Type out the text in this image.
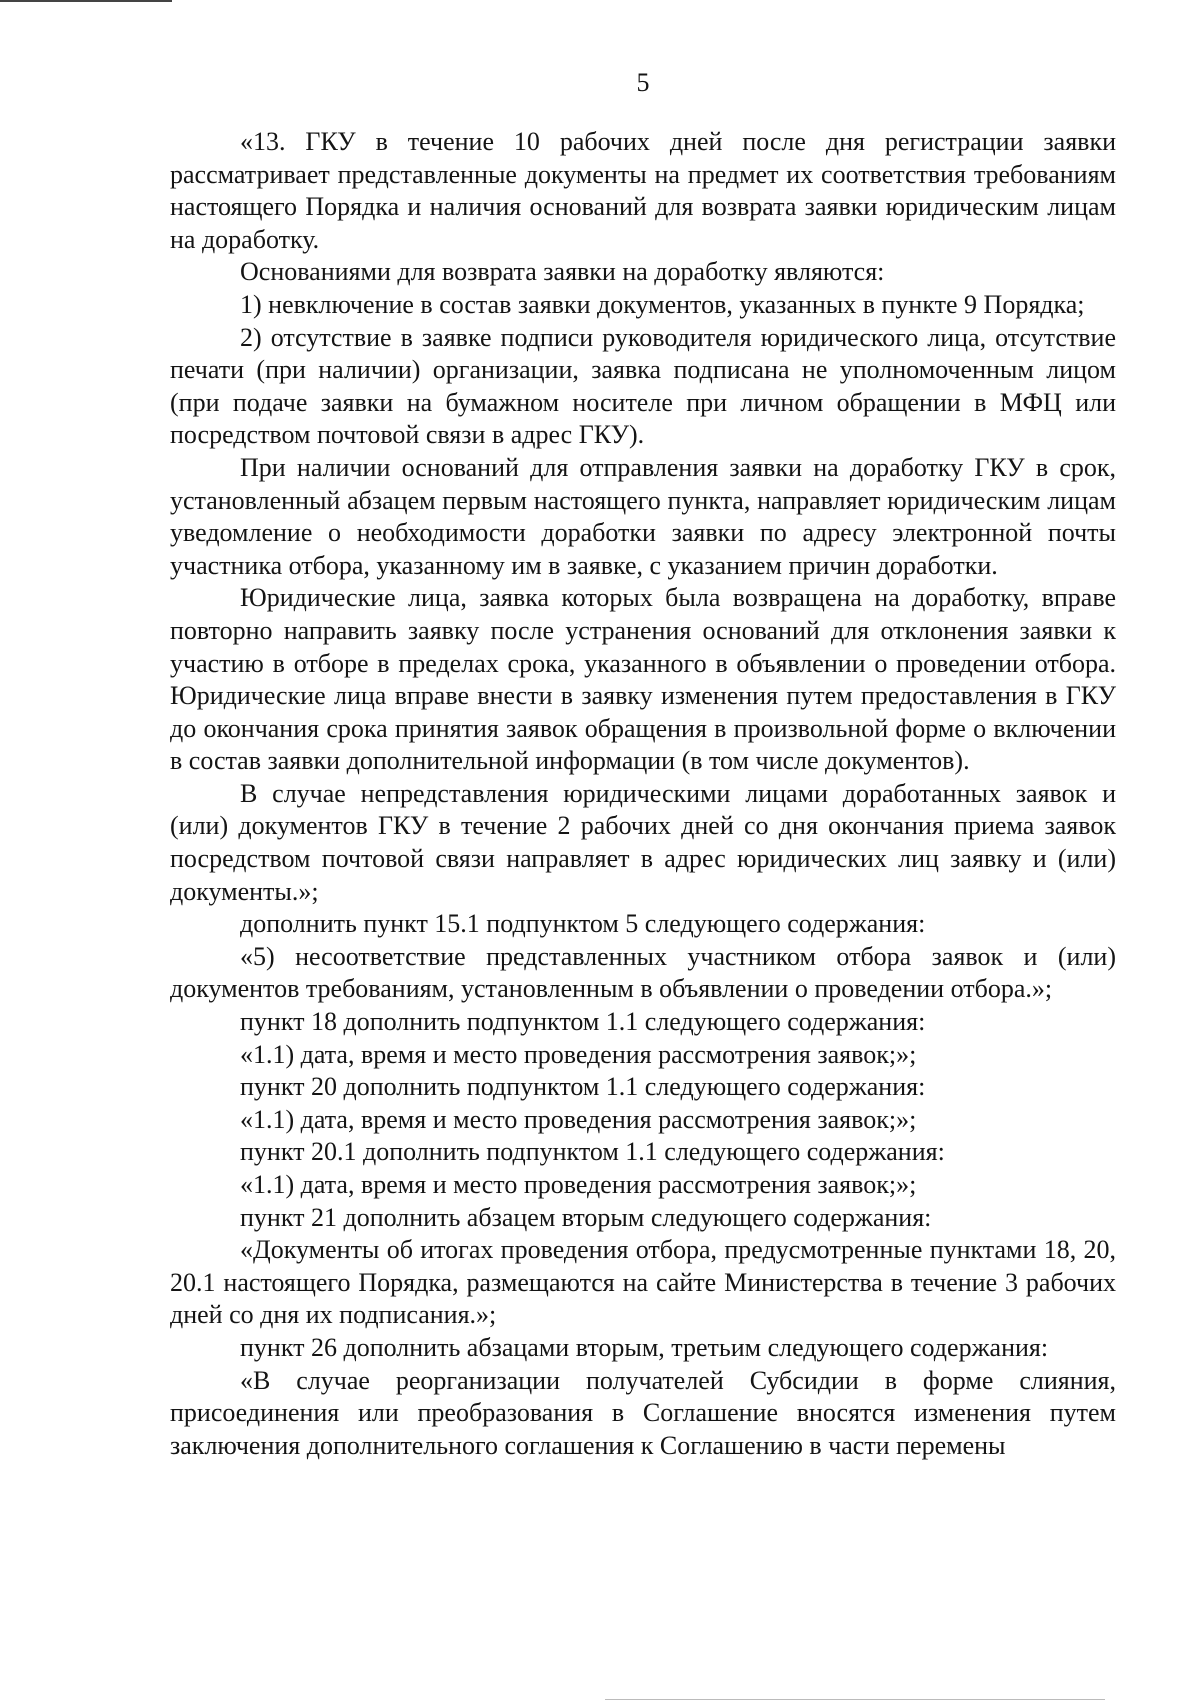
5

«13. ГКУ в течение 10 рабочих дней после дня регистрации заявки рассматривает представленные документы на предмет их соответствия требованиям настоящего Порядка и наличия оснований для возврата заявки юридическим лицам на доработку.

Основаниями для возврата заявки на доработку являются:

1) невключение в состав заявки документов, указанных в пункте 9 Порядка;

2) отсутствие в заявке подписи руководителя юридического лица, отсутствие печати (при наличии) организации, заявка подписана не уполномоченным лицом (при подаче заявки на бумажном носителе при личном обращении в МФЦ или посредством почтовой связи в адрес ГКУ).

При наличии оснований для отправления заявки на доработку ГКУ в срок, установленный абзацем первым настоящего пункта, направляет юридическим лицам уведомление о необходимости доработки заявки по адресу электронной почты участника отбора, указанному им в заявке, с указанием причин доработки.

Юридические лица, заявка которых была возвращена на доработку, вправе повторно направить заявку после устранения оснований для отклонения заявки к участию в отборе в пределах срока, указанного в объявлении о проведении отбора. Юридические лица вправе внести в заявку изменения путем предоставления в ГКУ до окончания срока принятия заявок обращения в произвольной форме о включении в состав заявки дополнительной информации (в том числе документов).

В случае непредставления юридическими лицами доработанных заявок и (или) документов ГКУ в течение 2 рабочих дней со дня окончания приема заявок посредством почтовой связи направляет в адрес юридических лиц заявку и (или) документы.»;

дополнить пункт 15.1 подпунктом 5 следующего содержания:

«5) несоответствие представленных участником отбора заявок и (или) документов требованиям, установленным в объявлении о проведении отбора.»;

пункт 18 дополнить подпунктом 1.1 следующего содержания:

«1.1) дата, время и место проведения рассмотрения заявок;»;

пункт 20 дополнить подпунктом 1.1 следующего содержания:

«1.1) дата, время и место проведения рассмотрения заявок;»;

пункт 20.1 дополнить подпунктом 1.1 следующего содержания:

«1.1) дата, время и место проведения рассмотрения заявок;»;

пункт 21 дополнить абзацем вторым следующего содержания:

«Документы об итогах проведения отбора, предусмотренные пунктами 18, 20, 20.1 настоящего Порядка, размещаются на сайте Министерства в течение 3 рабочих дней со дня их подписания.»;

пункт 26 дополнить абзацами вторым, третьим следующего содержания:

«В случае реорганизации получателей Субсидии в форме слияния, присоединения или преобразования в Соглашение вносятся изменения путем заключения дополнительного соглашения к Соглашению в части перемены
